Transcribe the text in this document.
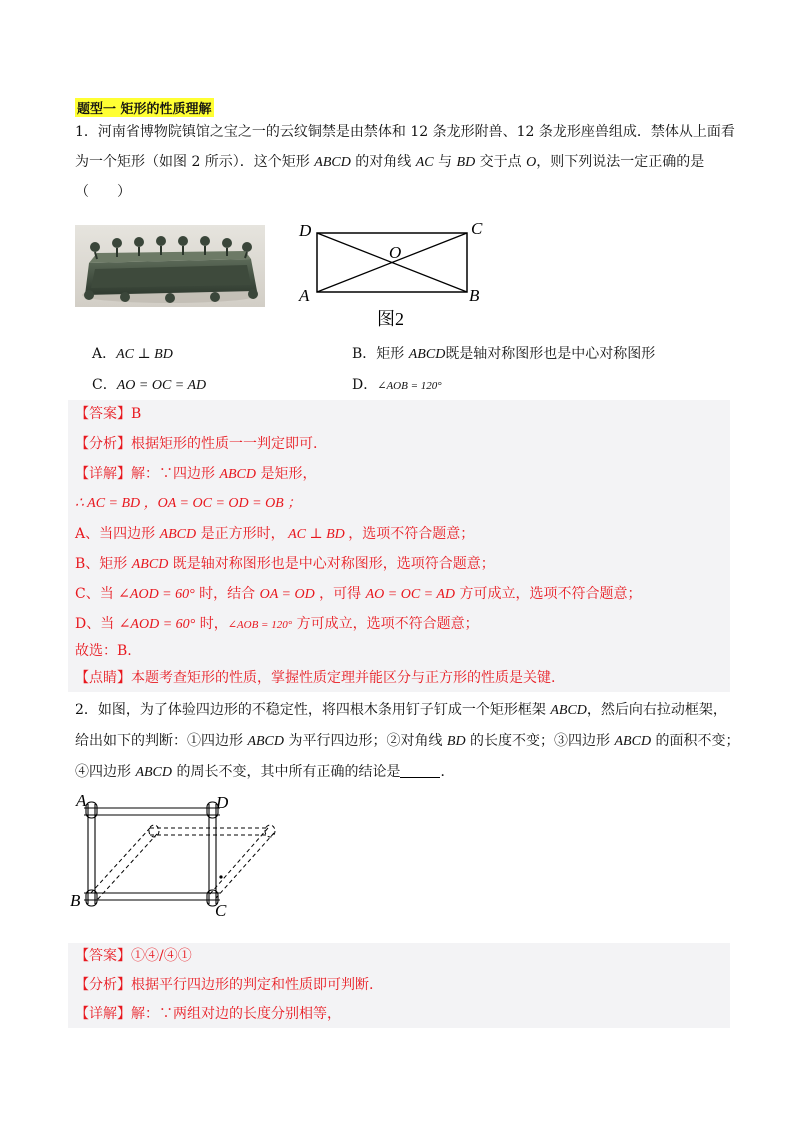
题型一 矩形的性质理解
1．河南省博物院镇馆之宝之一的云纹铜禁是由禁体和 12 条龙形附兽、12 条龙形座兽组成．禁体从上面看
为一个矩形（如图 2 所示）．这个矩形 ABCD 的对角线 AC 与 BD 交于点 O，则下列说法一定正确的是
（　　）
D	C
O
A	B
图2
A．AC ⊥ BD	B．矩形 ABCD既是轴对称图形也是中心对称图形
C．AO = OC = AD	D．∠AOB = 120°
【答案】B
【分析】根据矩形的性质一一判定即可.
【详解】解：∵四边形 ABCD 是矩形，
∴ AC = BD ，OA = OC = OD = OB ；
A、当四边形 ABCD 是正方形时， AC ⊥ BD ，选项不符合题意；
B、矩形 ABCD 既是轴对称图形也是中心对称图形，选项符合题意；
C、当 ∠AOD = 60° 时，结合 OA = OD ，可得 AO = OC = AD 方可成立，选项不符合题意；
D、当 ∠AOD = 60° 时，∠AOB = 120° 方可成立，选项不符合题意；
故选：B.
【点睛】本题考查矩形的性质，掌握性质定理并能区分与正方形的性质是关键.
2．如图，为了体验四边形的不稳定性，将四根木条用钉子钉成一个矩形框架 ABCD，然后向右拉动框架，
给出如下的判断：①四边形 ABCD 为平行四边形；②对角线 BD 的长度不变；③四边形 ABCD 的面积不变；
④四边形 ABCD 的周长不变，其中所有正确的结论是	．
A	D
B
C
【答案】①④/④①
【分析】根据平行四边形的判定和性质即可判断.
【详解】解：∵两组对边的长度分别相等，
